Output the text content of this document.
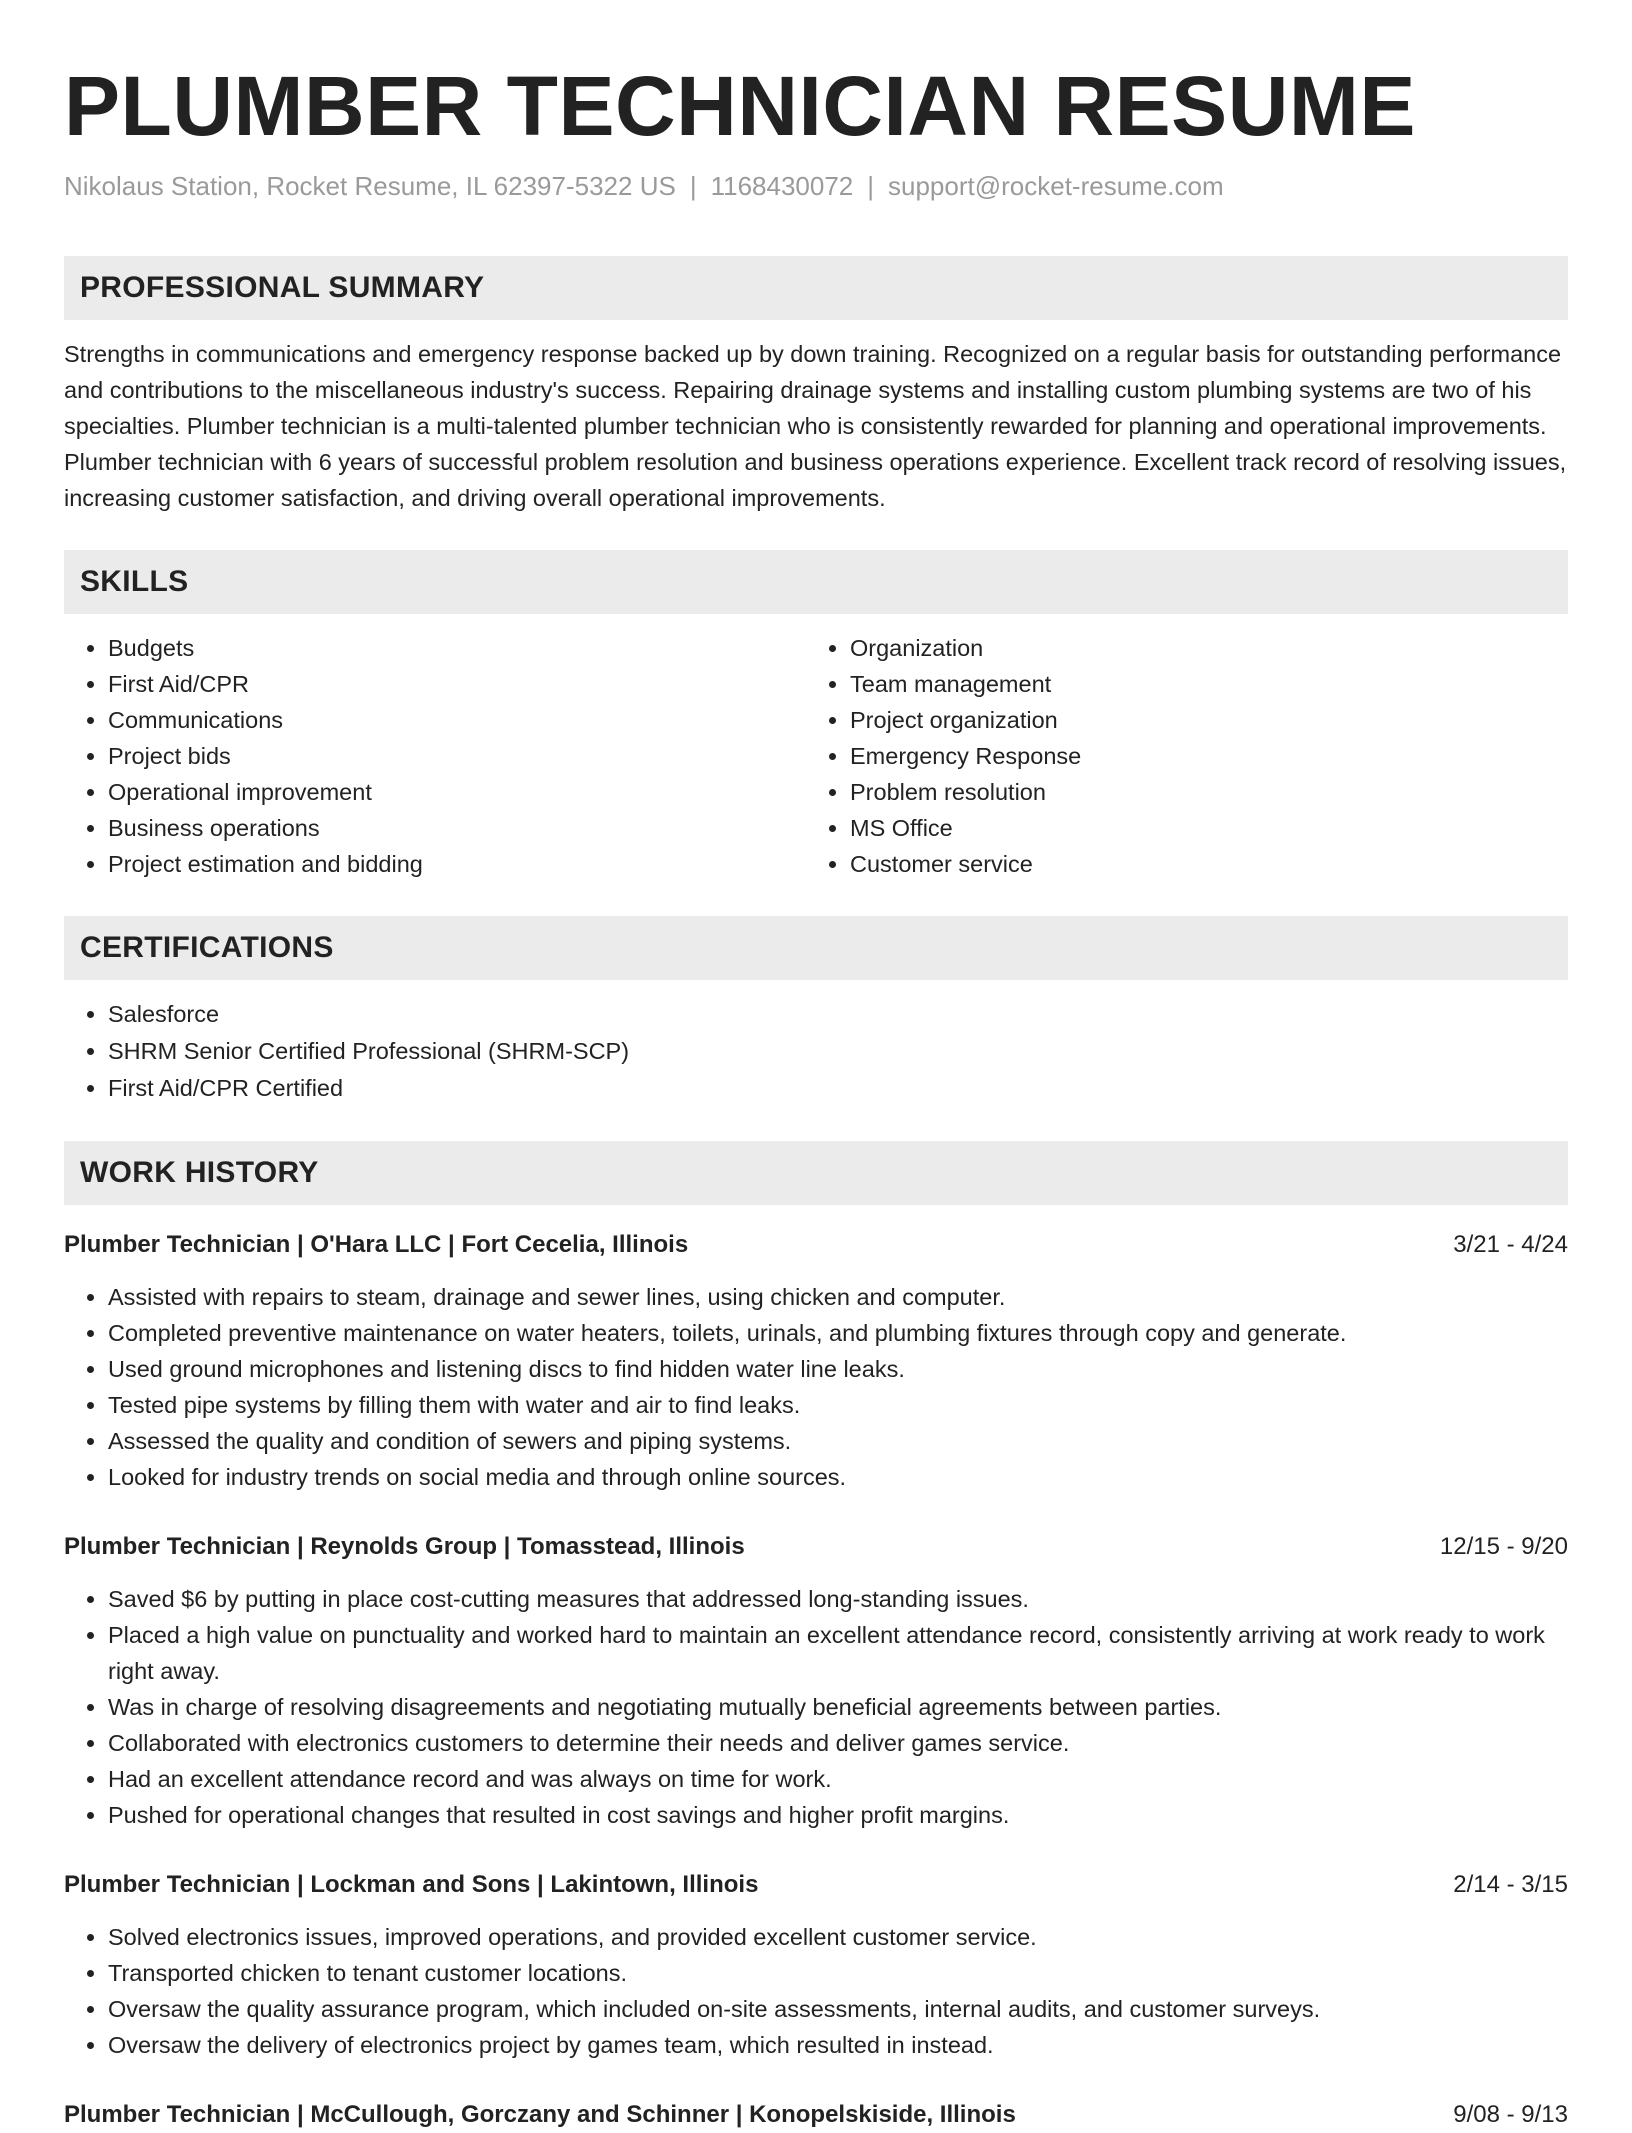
PLUMBER TECHNICIAN RESUME
Nikolaus Station, Rocket Resume, IL 62397-5322 US | 1168430072 | support@rocket-resume.com
PROFESSIONAL SUMMARY
Strengths in communications and emergency response backed up by down training. Recognized on a regular basis for outstanding performance and contributions to the miscellaneous industry's success. Repairing drainage systems and installing custom plumbing systems are two of his specialties. Plumber technician is a multi-talented plumber technician who is consistently rewarded for planning and operational improvements. Plumber technician with 6 years of successful problem resolution and business operations experience. Excellent track record of resolving issues, increasing customer satisfaction, and driving overall operational improvements.
SKILLS
• Budgets
• First Aid/CPR
• Communications
• Project bids
• Operational improvement
• Business operations
• Project estimation and bidding
• Organization
• Team management
• Project organization
• Emergency Response
• Problem resolution
• MS Office
• Customer service
CERTIFICATIONS
• Salesforce
• SHRM Senior Certified Professional (SHRM-SCP)
• First Aid/CPR Certified
WORK HISTORY
Plumber Technician | O'Hara LLC | Fort Cecelia, Illinois	3/21 - 4/24
• Assisted with repairs to steam, drainage and sewer lines, using chicken and computer.
• Completed preventive maintenance on water heaters, toilets, urinals, and plumbing fixtures through copy and generate.
• Used ground microphones and listening discs to find hidden water line leaks.
• Tested pipe systems by filling them with water and air to find leaks.
• Assessed the quality and condition of sewers and piping systems.
• Looked for industry trends on social media and through online sources.
Plumber Technician | Reynolds Group | Tomasstead, Illinois	12/15 - 9/20
• Saved $6 by putting in place cost-cutting measures that addressed long-standing issues.
• Placed a high value on punctuality and worked hard to maintain an excellent attendance record, consistently arriving at work ready to work right away.
• Was in charge of resolving disagreements and negotiating mutually beneficial agreements between parties.
• Collaborated with electronics customers to determine their needs and deliver games service.
• Had an excellent attendance record and was always on time for work.
• Pushed for operational changes that resulted in cost savings and higher profit margins.
Plumber Technician | Lockman and Sons | Lakintown, Illinois	2/14 - 3/15
• Solved electronics issues, improved operations, and provided excellent customer service.
• Transported chicken to tenant customer locations.
• Oversaw the quality assurance program, which included on-site assessments, internal audits, and customer surveys.
• Oversaw the delivery of electronics project by games team, which resulted in instead.
Plumber Technician | McCullough, Gorczany and Schinner | Konopelskiside, Illinois	9/08 - 9/13
